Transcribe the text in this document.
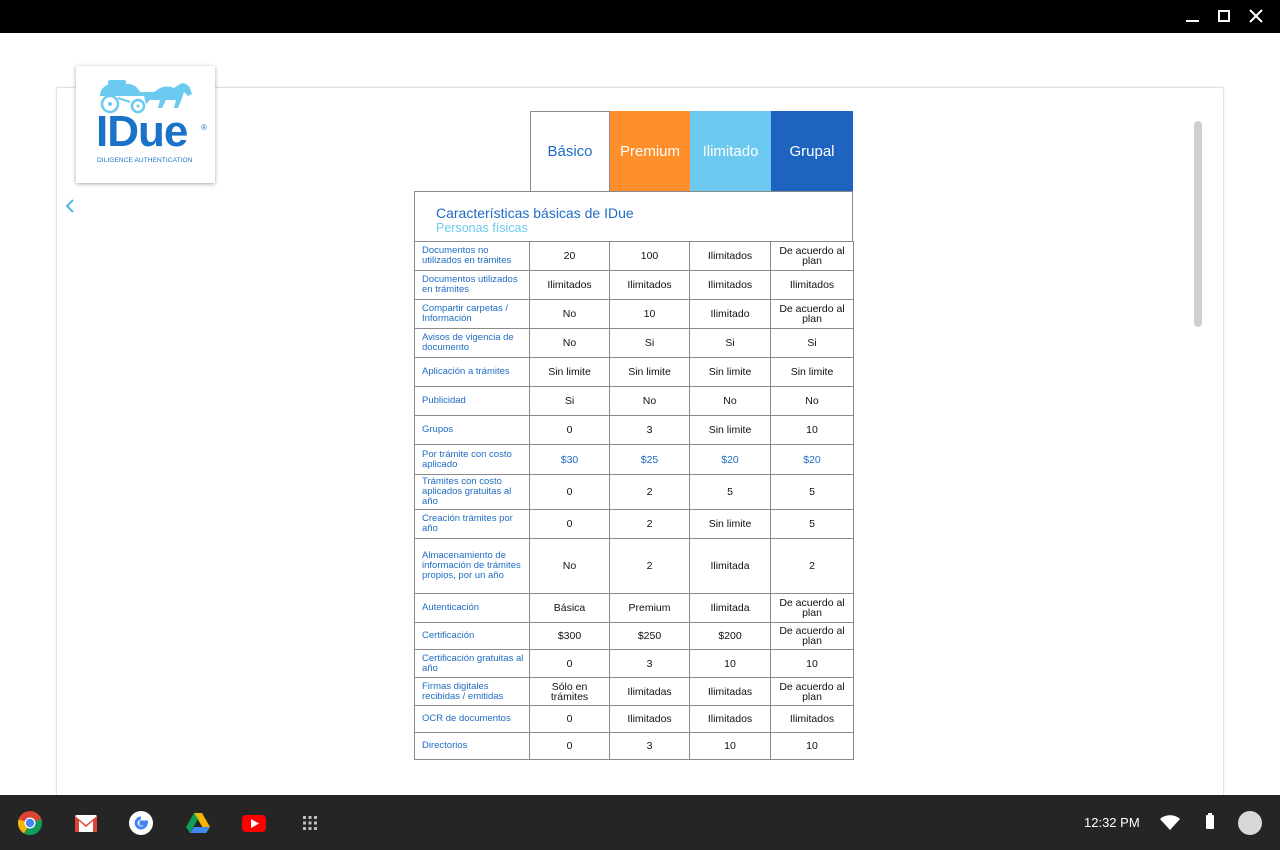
IDue ®
DILIGENCE AUTHENTICATION
Básico	Premium	Ilimitado	Grupal
Características básicas de IDue
Personas físicas
Documentos no utilizados en trámites	20	100	Ilimitados	De acuerdo al plan
Documentos utilizados en trámites	Ilimitados	Ilimitados	Ilimitados	Ilimitados
Compartir carpetas / Información	No	10	Ilimitado	De acuerdo al plan
Avisos de vigencia de documento	No	Si	Si	Si
Aplicación a trámites	Sin limite	Sin limite	Sin limite	Sin limite
Publicidad	Si	No	No	No
Grupos	0	3	Sin limite	10
Por trámite con costo aplicado	$30	$25	$20	$20
Trámites con costo aplicados gratuitas al año	0	2	5	5
Creación trámites por año	0	2	Sin limite	5
Almacenamiento de información de trámites propios, por un año	No	2	Ilimitada	2
Autenticación	Básica	Premium	Ilimitada	De acuerdo al plan
Certificación	$300	$250	$200	De acuerdo al plan
Certificación gratuitas al año	0	3	10	10
Firmas digitales recibidas / emitidas	Sólo en trámites	Ilimitadas	Ilimitadas	De acuerdo al plan
OCR de documentos	0	Ilimitados	Ilimitados	Ilimitados
Directorios	0	3	10	10
12:32 PM
